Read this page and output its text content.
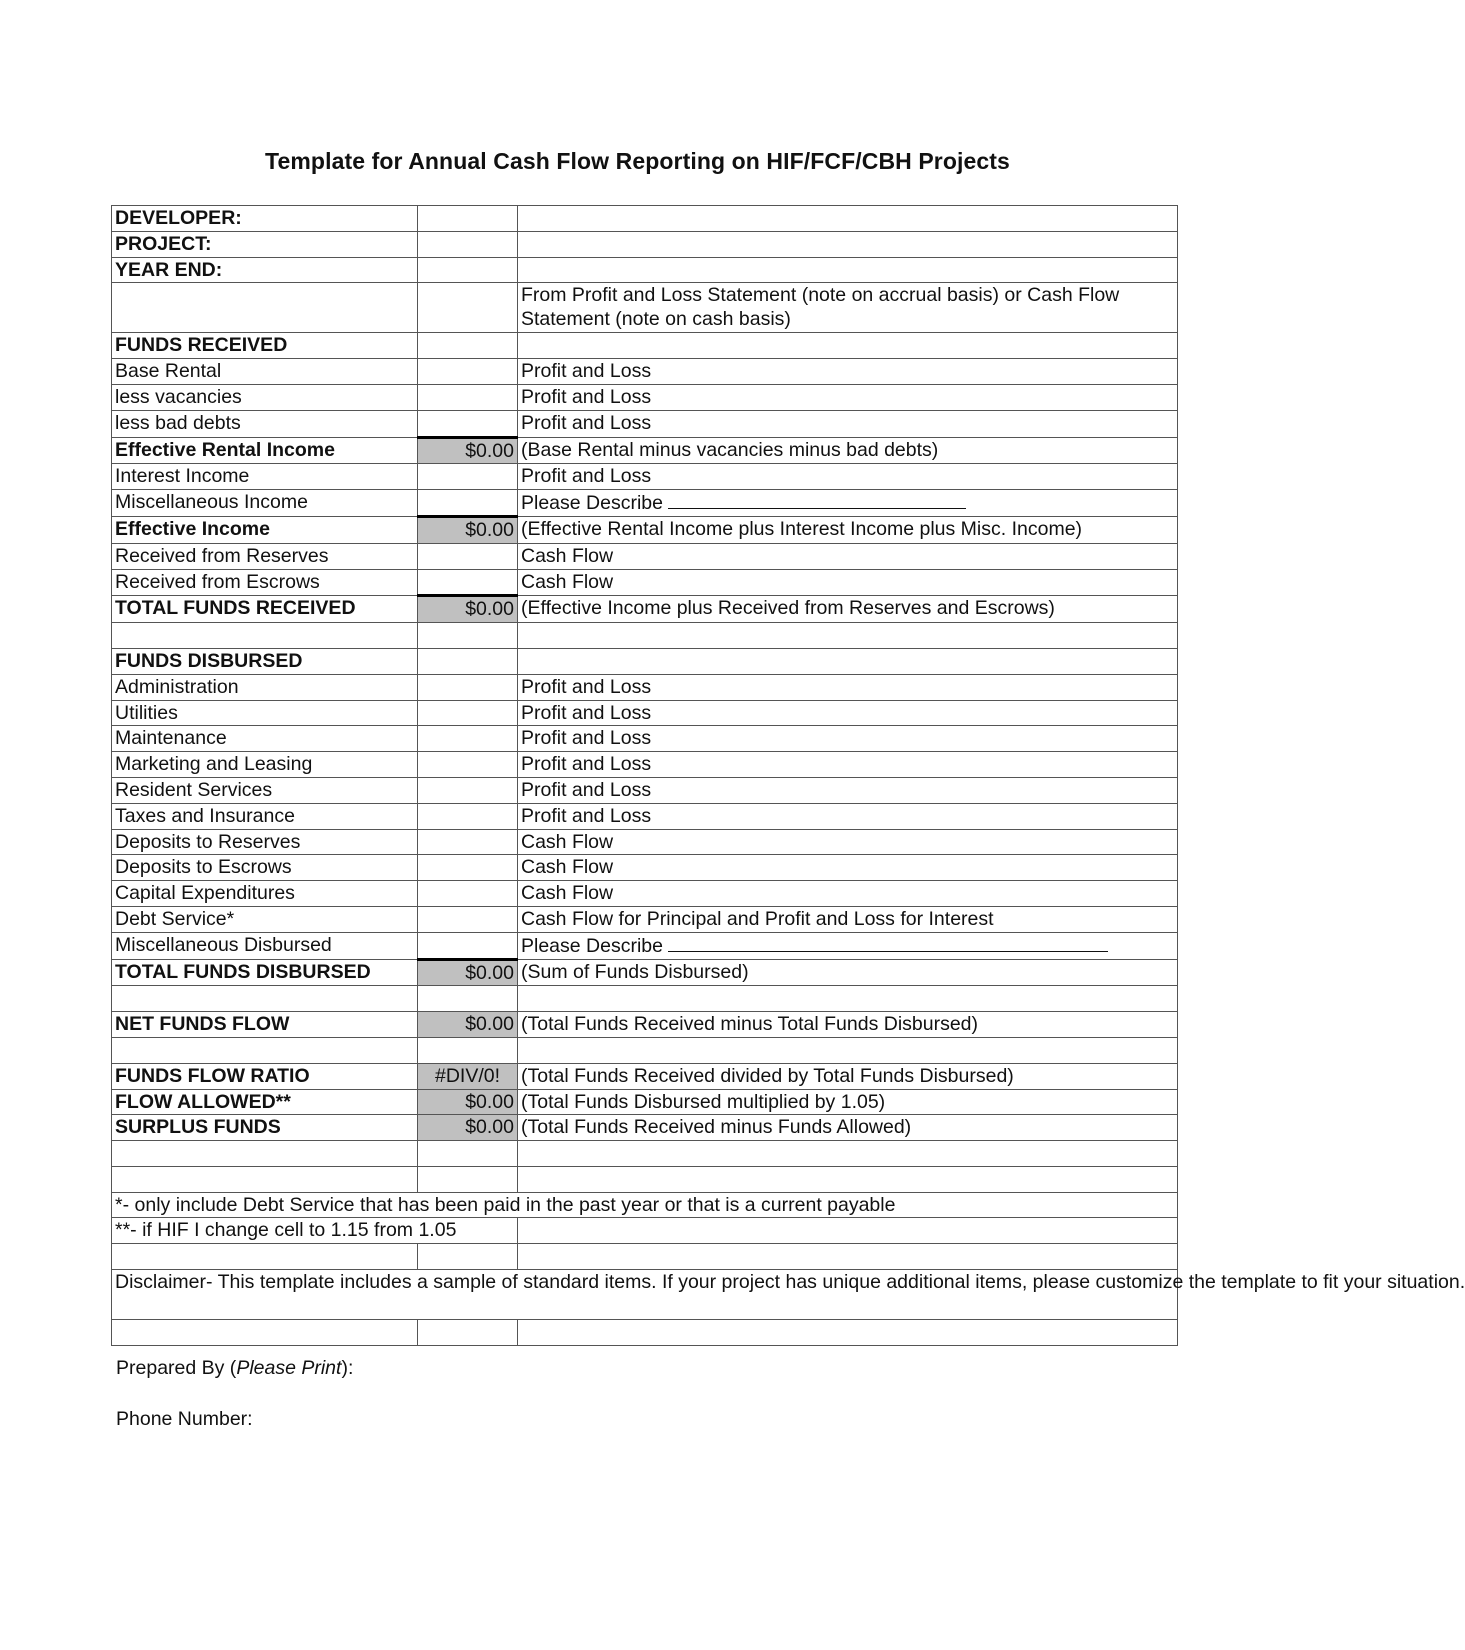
Template for Annual Cash Flow Reporting on HIF/FCF/CBH Projects
DEVELOPER:		
PROJECT:		
YEAR END:		
		From Profit and Loss Statement (note on accrual basis) or Cash Flow Statement (note on cash basis)
FUNDS RECEIVED		
Base Rental		Profit and Loss
less vacancies		Profit and Loss
less bad debts		Profit and Loss
Effective Rental Income	$0.00	(Base Rental minus vacancies minus bad debts)
Interest Income		Profit and Loss
Miscellaneous Income		Please Describe
Effective Income	$0.00	(Effective Rental Income plus Interest Income plus Misc. Income)
Received from Reserves		Cash Flow
Received from Escrows		Cash Flow
TOTAL FUNDS RECEIVED	$0.00	(Effective Income plus Received from Reserves and Escrows)

FUNDS DISBURSED		
Administration		Profit and Loss
Utilities		Profit and Loss
Maintenance		Profit and Loss
Marketing and Leasing		Profit and Loss
Resident Services		Profit and Loss
Taxes and Insurance		Profit and Loss
Deposits to Reserves		Cash Flow
Deposits to Escrows		Cash Flow
Capital Expenditures		Cash Flow
Debt Service*		Cash Flow for Principal and Profit and Loss for Interest
Miscellaneous Disbursed		Please Describe
TOTAL FUNDS DISBURSED	$0.00	(Sum of Funds Disbursed)

NET FUNDS FLOW	$0.00	(Total Funds Received minus Total Funds Disbursed)

FUNDS FLOW RATIO	#DIV/0!	(Total Funds Received divided by Total Funds Disbursed)
FLOW ALLOWED**	$0.00	(Total Funds Disbursed multiplied by 1.05)
SURPLUS FUNDS	$0.00	(Total Funds Received minus Funds Allowed)

*- only include Debt Service that has been paid in the past year or that is a current payable		
**- if HIF I change cell to 1.15 from 1.05		

Disclaimer- This template includes a sample of standard items. If your project has unique additional items, please customize the template to fit your situation.		

Prepared By (Please Print):
Phone Number:
